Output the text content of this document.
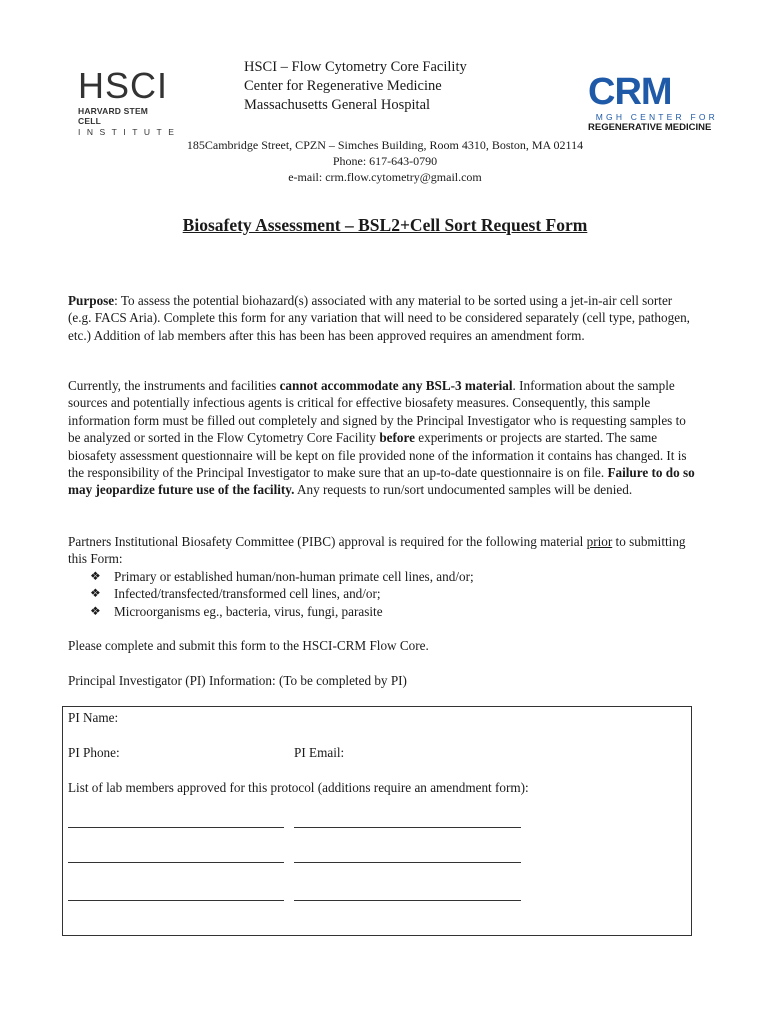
HSCI
HARVARD STEM CELL
INSTITUTE
HSCI – Flow Cytometry Core Facility
Center for Regenerative Medicine
Massachusetts General Hospital	CRM
MGH CENTER FOR
REGENERATIVE MEDICINE
185Cambridge Street, CPZN – Simches Building, Room 4310, Boston, MA 02114
Phone: 617-643-0790
e-mail: crm.flow.cytometry@gmail.com
Biosafety Assessment – BSL2+Cell Sort Request Form

Purpose: To assess the potential biohazard(s) associated with any material to be sorted using a jet-in-air cell sorter (e.g. FACS Aria). Complete this form for any variation that will need to be considered separately (cell type, pathogen, etc.) Addition of lab members after this has been has been approved requires an amendment form.

Currently, the instruments and facilities cannot accommodate any BSL-3 material. Information about the sample sources and potentially infectious agents is critical for effective biosafety measures. Consequently, this sample information form must be filled out completely and signed by the Principal Investigator who is requesting samples to be analyzed or sorted in the Flow Cytometry Core Facility before experiments or projects are started. The same biosafety assessment questionnaire will be kept on file provided none of the information it contains has changed. It is the responsibility of the Principal Investigator to make sure that an up-to-date questionnaire is on file. Failure to do so may jeopardize future use of the facility. Any requests to run/sort undocumented samples will be denied.

Partners Institutional Biosafety Committee (PIBC) approval is required for the following material prior to submitting this Form:

❖ Primary or established human/non-human primate cell lines, and/or;
❖ Infected/transfected/transformed cell lines, and/or;
❖ Microorganisms eg., bacteria, virus, fungi, parasite

Please complete and submit this form to the HSCI-CRM Flow Core.

Principal Investigator (PI) Information: (To be completed by PI)

PI Name:
PI Phone:	PI Email:
List of lab members approved for this protocol (additions require an amendment form):
